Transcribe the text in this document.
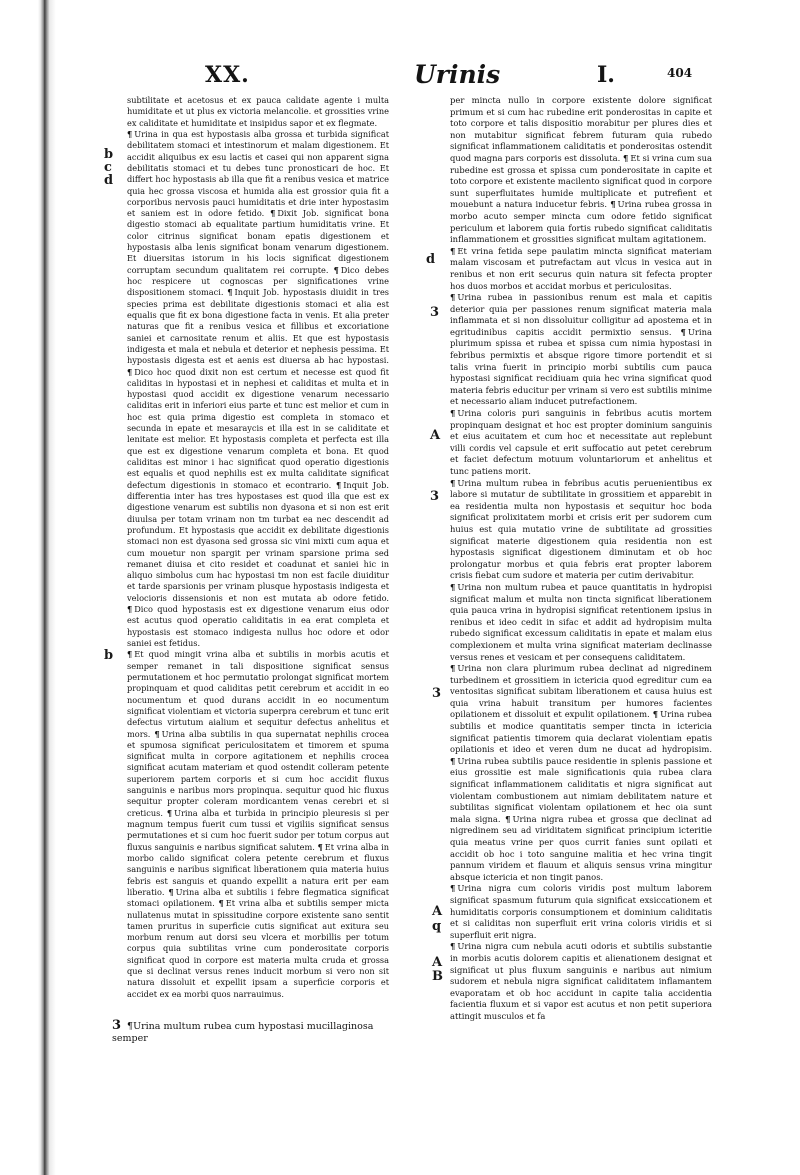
XX.	Urinis	I.	404
b
c
d
b
d
3
A
3
3
A
q
A
B

subtilitate et acetosus et ex pauca calidate agente i multa humiditate et ut plus ex victoria melancolie. et grossities vrine ex caliditate et humiditate et insipidus sapor et ex flegmate.

¶ Urina in qua est hypostasis alba grossa et turbida significat debilitatem stomaci et intestinorum et malam digestionem. Et accidit aliquibus ex esu lactis et casei qui non apparent signa debilitatis stomaci et tu debes tunc pronosticari de hoc. Et differt hoc hypostasis ab illa que fit a renibus vesica et matrice quia hec grossa viscosa et humida alia est grossior quia fit a corporibus nervosis pauci humiditatis et drie inter hypostasim et saniem est in odore fetido. ¶ Dixit Job. significat bona digestio stomaci ab equalitate partium humiditatis vrine. Et color citrinus significat bonam epatis digestionem et hypostasis alba lenis significat bonam venarum digestionem. Et diuersitas istorum in his locis significat digestionem corruptam secundum qualitatem rei corrupte. ¶ Dico debes hoc respicere ut cognoscas per significationes vrine dispositionem stomaci. ¶ Inquit Job. hypostasis diuidit in tres species prima est debilitate digestionis stomaci et alia est equalis que fit ex bona digestione facta in venis. Et alia preter naturas que fit a renibus vesica et fillibus et excoriatione saniei et carnositate renum et aliis. Et que est hypostasis indigesta et mala et nebula et deterior et nephesis pessima. Et hypostasis digesta est et aenis est diuersa ab hac hypostasi. ¶ Dico hoc quod dixit non est certum et necesse est quod fit caliditas in hypostasi et in nephesi et caliditas et multa et in hypostasi quod accidit ex digestione venarum necessario caliditas erit in inferiori eius parte et tunc est melior et cum in hoc est quia prima digestio est completa in stomaco et secunda in epate et mesaraycis et illa est in se caliditate et lenitate est melior. Et hypostasis completa et perfecta est illa que est ex digestione venarum completa et bona. Et quod caliditas est minor i hac significat quod operatio digestionis est equalis et quod nephilis est ex multa caliditate significat defectum digestionis in stomaco et econtrario. ¶ Inquit Job. differentia inter has tres hypostases est quod illa que est ex digestione venarum est subtilis non dyasona et si non est erit diuulsa per totam vrinam non tm turbat ea nec descendit ad profundum. Et hypostasis que accidit ex debilitate digestionis stomaci non est dyasona sed grossa sic vini mixti cum aqua et cum mouetur non spargit per vrinam sparsione prima sed remanet diuisa et cito residet et coadunat et saniei hic in aliquo simbolus cum hac hypostasi tm non est facile diuiditur et tarde sparsionis per vrinam plusque hypostasis indigesta et velocioris dissensionis et non est mutata ab odore fetido. ¶ Dico quod hypostasis est ex digestione venarum eius odor est acutus quod operatio caliditatis in ea erat completa et hypostasis est stomaco indigesta nullus hoc odore et odor saniei est fetidus.

¶ Et quod mingit vrina alba et subtilis in morbis acutis et semper remanet in tali dispositione significat sensus permutationem et hoc permutatio prolongat significat mortem propinquam et quod caliditas petit cerebrum et accidit in eo nocumentum et quod durans accidit in eo nocumentum significat violentiam et victoria superpra cerebrum et tunc erit defectus virtutum aialium et sequitur defectus anhelitus et mors. ¶ Urina alba subtilis in qua supernatat nephilis crocea et spumosa significat periculositatem et timorem et spuma significat multa in corpore agitationem et nephilis crocea significat acutam materiam et quod ostendit colleram petente superiorem partem corporis et si cum hoc accidit fluxus sanguinis e naribus mors propinqua. sequitur quod hic fluxus sequitur propter coleram mordicantem venas cerebri et si creticus. ¶ Urina alba et turbida in principio pleuresis si per magnum tempus fuerit cum tussi et vigiliis significat sensus permutationes et si cum hoc fuerit sudor per totum corpus aut fluxus sanguinis e naribus significat salutem. ¶ Et vrina alba in morbo calido significat colera petente cerebrum et fluxus sanguinis e naribus significat liberationem quia materia huius febris est sanguis et quando expellit a natura erit per eam liberatio. ¶ Urina alba et subtilis i febre flegmatica significat stomaci opilationem. ¶ Et vrina alba et subtilis semper micta nullatenus mutat in spissitudine corpore existente sano sentit tamen pruritus in superficie cutis significat aut exitura seu morbum renum aut dorsi seu vlcera et morbillis per totum corpus quia subtilitas vrine cum ponderositate corporis significat quod in corpore est materia multa cruda et grossa que si declinat versus renes inducit morbum si vero non sit natura dissoluit et expellit ipsam a superficie corporis et accidet ex ea morbi quos narrauimus.

3 ¶Urina multum rubea cum hypostasi mucillaginosa semper

per mincta nullo in corpore existente dolore significat primum et si cum hac rubedine erit ponderositas in capite et toto corpore et talis dispositio morabitur per plures dies et non mutabitur significat febrem futuram quia rubedo significat inflammationem caliditatis et ponderositas ostendit quod magna pars corporis est dissoluta. ¶ Et si vrina cum sua rubedine est grossa et spissa cum ponderositate in capite et toto corpore et existente macilento significat quod in corpore sunt superfluitates humide multiplicate et putrefient et mouebunt a natura inducetur febris. ¶ Urina rubea grossa in morbo acuto semper mincta cum odore fetido significat periculum et laborem quia fortis rubedo significat caliditatis inflammationem et grossities significat multam agitationem.

¶ Et vrina fetida sepe paulatim mincta significat materiam malam viscosam et putrefactam aut vlcus in vesica aut in renibus et non erit securus quin natura sit fefecta propter hos duos morbos et accidat morbus et periculositas.

¶ Urina rubea in passionibus renum est mala et capitis deterior quia per passiones renum significat materia mala inflammata et si non dissoluitur colligitur ad apostema et in egritudinibus capitis accidit permixtio sensus. ¶ Urina plurimum spissa et rubea et spissa cum nimia hypostasi in febribus permixtis et absque rigore timore portendit et si talis vrina fuerit in principio morbi subtilis cum pauca hypostasi significat recidiuam quia hec vrina significat quod materia febris educitur per vrinam si vero est subtilis minime et necessario aliam inducet putrefactionem.

¶ Urina coloris puri sanguinis in febribus acutis mortem propinquam designat et hoc est propter dominium sanguinis et eius acuitatem et cum hoc et necessitate aut replebunt villi cordis vel capsule et erit suffocatio aut petet cerebrum et faciet defectum motuum voluntariorum et anhelitus et tunc patiens morit.

¶ Urina multum rubea in febribus acutis peruenientibus ex labore si mutatur de subtilitate in grossitiem et apparebit in ea residentia multa non hypostasis et sequitur hoc boda significat prolixitatem morbi et crisis erit per sudorem cum huius est quia mutatio vrine de subtilitate ad grossities significat materie digestionem quia residentia non est hypostasis significat digestionem diminutam et ob hoc prolongatur morbus et quia febris erat propter laborem crisis fiebat cum sudore et materia per cutim derivabitur.

¶ Urina non multum rubea et pauce quantitatis in hydropisi significat malum et multa non tincta significat liberationem quia pauca vrina in hydropisi significat retentionem ipsius in renibus et ideo cedit in sifac et addit ad hydropisim multa rubedo significat excessum caliditatis in epate et malam eius complexionem et multa vrina significat materiam declinasse versus renes et vesicam et per consequens caliditatem.

¶ Urina non clara plurimum rubea declinat ad nigredinem turbedinem et grossitiem in ictericia quod egreditur cum ea ventositas significat subitam liberationem et causa huius est quia vrina habuit transitum per humores facientes opilationem et dissoluit et expulit opilationem. ¶ Urina rubea subtilis et modice quantitatis semper tincta in ictericia significat patientis timorem quia declarat violentiam epatis opilationis et ideo et veren dum ne ducat ad hydropisim. ¶ Urina rubea subtilis pauce residentie in splenis passione et eius grossitie est male significationis quia rubea clara significat inflammationem caliditatis et nigra significat aut violentam combustionem aut nimiam debilitatem nature et subtilitas significat violentam opilationem et hec oia sunt mala signa. ¶ Urina nigra rubea et grossa que declinat ad nigredinem seu ad viriditatem significat principium icteritie quia meatus vrine per quos currit fanies sunt opilati et accidit ob hoc i toto sanguine malitia et hec vrina tingit pannum viridem et flauum et aliquis sensus vrina mingitur absque ictericia et non tingit panos.

¶ Urina nigra cum coloris viridis post multum laborem significat spasmum futurum quia significat exsiccationem et humiditatis corporis consumptionem et dominium caliditatis et si caliditas non superfluit erit vrina coloris viridis et si superfluit erit nigra.

¶ Urina nigra cum nebula acuti odoris et subtilis substantie in morbis acutis dolorem capitis et alienationem designat et significat ut plus fluxum sanguinis e naribus aut nimium sudorem et nebula nigra significat caliditatem inflamantem evaporatam et ob hoc accidunt in capite talia accidentia facientia fluxum et si vapor est acutus et non petit superiora attingit musculos et fa
